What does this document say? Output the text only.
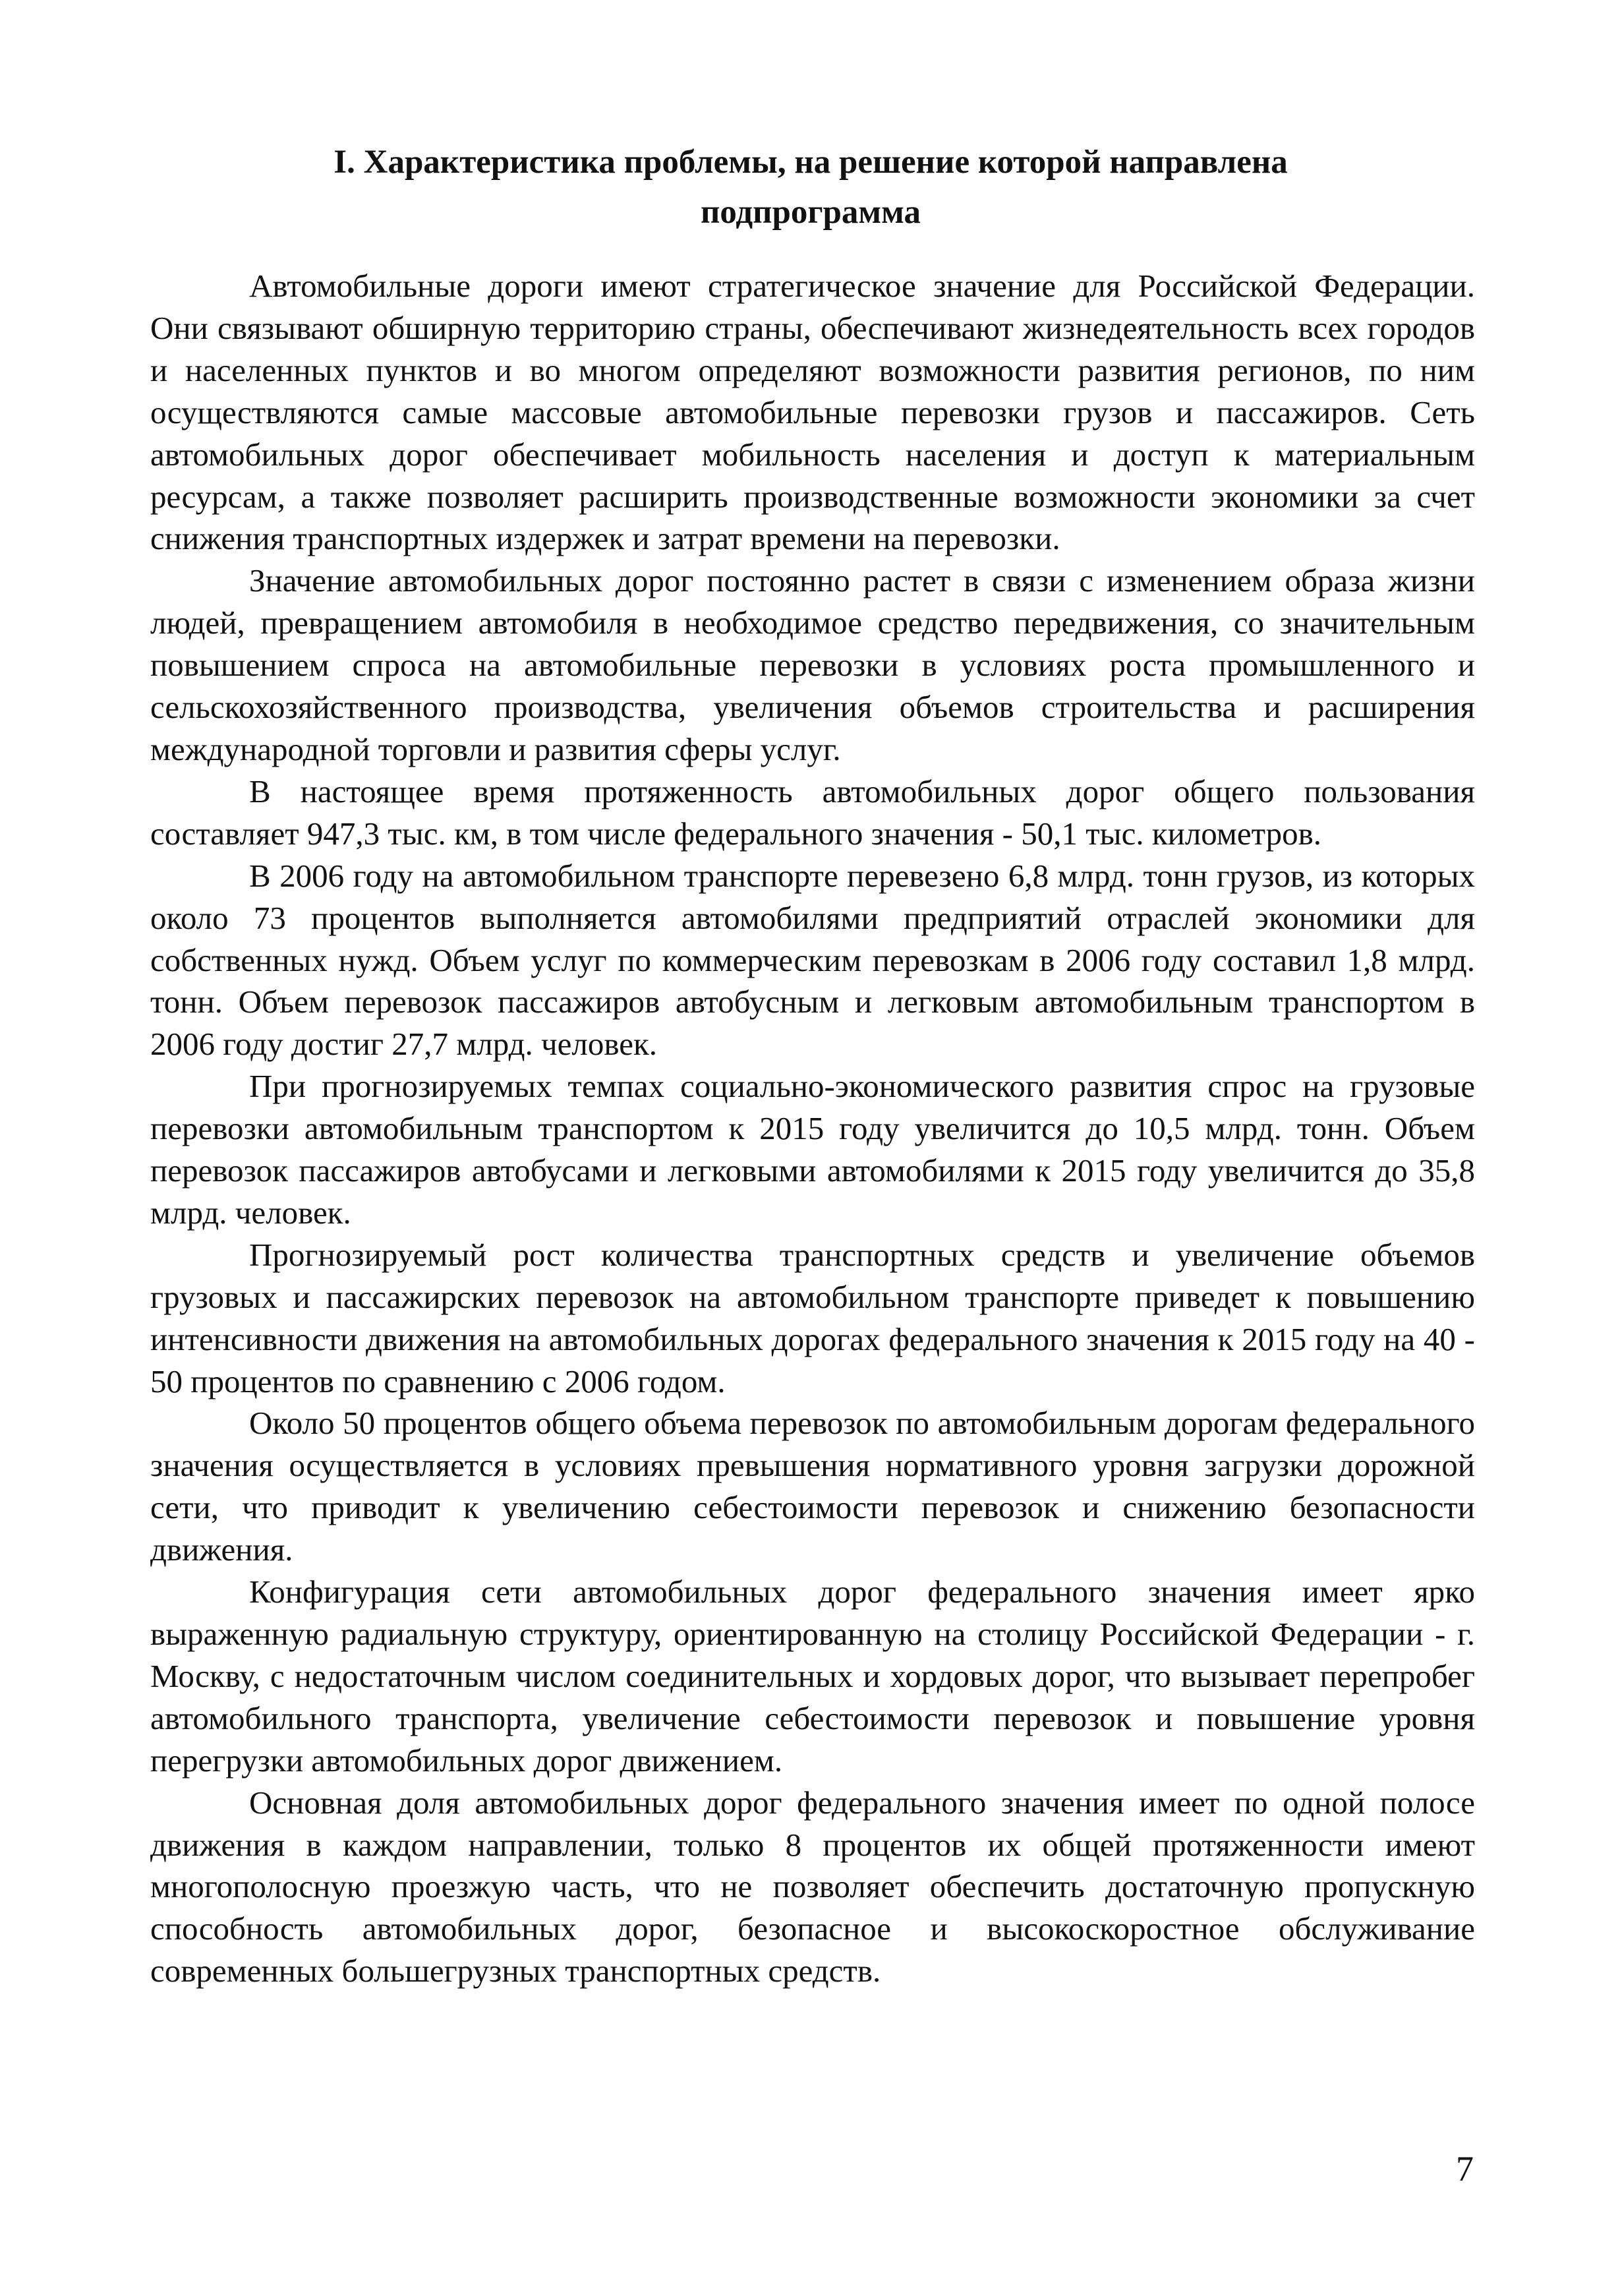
I. Характеристика проблемы, на решение которой направлена
подпрограмма

Автомобильные дороги имеют стратегическое значение для Российской Федерации. Они связывают обширную территорию страны, обеспечивают жизнедеятельность всех городов и населенных пунктов и во многом определяют возможности развития регионов, по ним осуществляются самые массовые автомобильные перевозки грузов и пассажиров. Сеть автомобильных дорог обеспечивает мобильность населения и доступ к материальным ресурсам, а также позволяет расширить производственные возможности экономики за счет снижения транспортных издержек и затрат времени на перевозки.

Значение автомобильных дорог постоянно растет в связи с изменением образа жизни людей, превращением автомобиля в необходимое средство передвижения, со значительным повышением спроса на автомобильные перевозки в условиях роста промышленного и сельскохозяйственного производства, увеличения объемов строительства и расширения международной торговли и развития сферы услуг.

В настоящее время протяженность автомобильных дорог общего пользования составляет 947,3 тыс. км, в том числе федерального значения - 50,1 тыс. километров.

В 2006 году на автомобильном транспорте перевезено 6,8 млрд. тонн грузов, из которых около 73 процентов выполняется автомобилями предприятий отраслей экономики для собственных нужд. Объем услуг по коммерческим перевозкам в 2006 году составил 1,8 млрд. тонн. Объем перевозок пассажиров автобусным и легковым автомобильным транспортом в 2006 году достиг 27,7 млрд. человек.

При прогнозируемых темпах социально-экономического развития спрос на грузовые перевозки автомобильным транспортом к 2015 году увеличится до 10,5 млрд. тонн. Объем перевозок пассажиров автобусами и легковыми автомобилями к 2015 году увеличится до 35,8 млрд. человек.

Прогнозируемый рост количества транспортных средств и увеличение объемов грузовых и пассажирских перевозок на автомобильном транспорте приведет к повышению интенсивности движения на автомобильных дорогах федерального значения к 2015 году на 40 - 50 процентов по сравнению с 2006 годом.

Около 50 процентов общего объема перевозок по автомобильным дорогам федерального значения осуществляется в условиях превышения нормативного уровня загрузки дорожной сети, что приводит к увеличению себестоимости перевозок и снижению безопасности движения.

Конфигурация сети автомобильных дорог федерального значения имеет ярко выраженную радиальную структуру, ориентированную на столицу Российской Федерации - г. Москву, с недостаточным числом соединительных и хордовых дорог, что вызывает перепробег автомобильного транспорта, увеличение себестоимости перевозок и повышение уровня перегрузки автомобильных дорог движением.

Основная доля автомобильных дорог федерального значения имеет по одной полосе движения в каждом направлении, только 8 процентов их общей протяженности имеют многополосную проезжую часть, что не позволяет обеспечить достаточную пропускную способность автомобильных дорог, безопасное и высокоскоростное обслуживание современных большегрузных транспортных средств.

7
